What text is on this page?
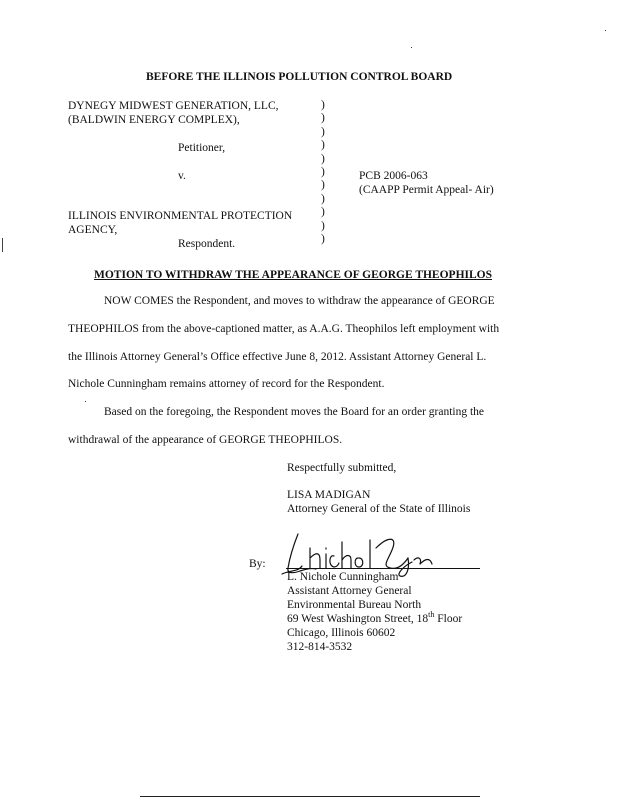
BEFORE THE ILLINOIS POLLUTION CONTROL BOARD
DYNEGY MIDWEST GENERATION, LLC,
(BALDWIN ENERGY COMPLEX),
Petitioner,
v.
ILLINOIS ENVIRONMENTAL PROTECTION
AGENCY,
Respondent.
)
)
)
)
)
)
)
)
)
)
)
PCB 2006-063
(CAAPP Permit Appeal- Air)
MOTION TO WITHDRAW THE APPEARANCE OF GEORGE THEOPHILOS
NOW COMES the Respondent, and moves to withdraw the appearance of GEORGE
THEOPHILOS from the above-captioned matter, as A.A.G. Theophilos left employment with
the Illinois Attorney General’s Office effective June 8, 2012. Assistant Attorney General L.
Nichole Cunningham remains attorney of record for the Respondent.
Based on the foregoing, the Respondent moves the Board for an order granting the
withdrawal of the appearance of GEORGE THEOPHILOS.
Respectfully submitted,
LISA MADIGAN
Attorney General of the State of Illinois
By:
L. Nichole Cunningham
Assistant Attorney General
Environmental Bureau North
69 West Washington Street, 18th Floor
Chicago, Illinois 60602
312-814-3532
